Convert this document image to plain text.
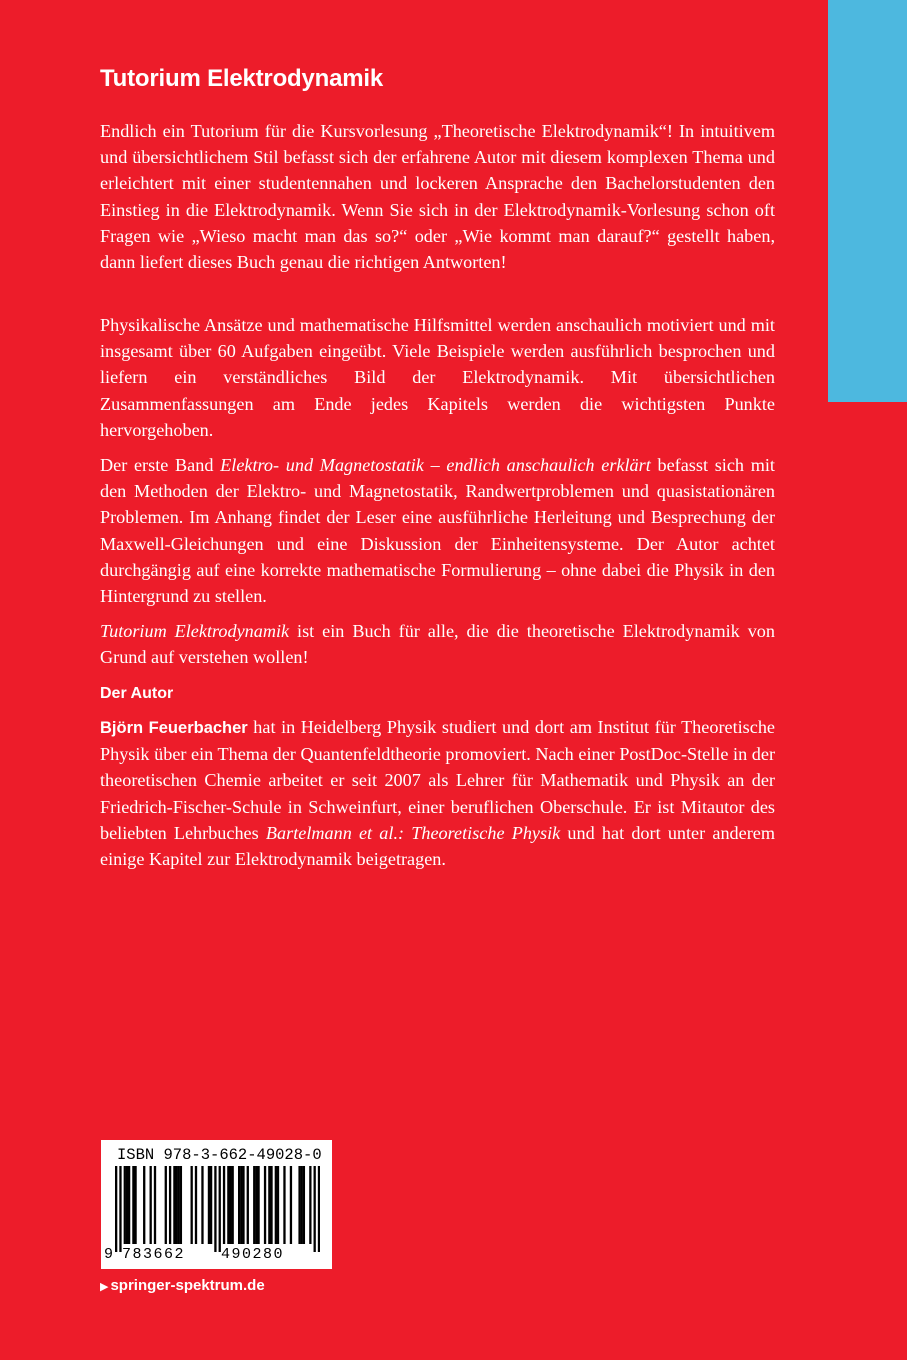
Tutorium Elektrodynamik

Endlich ein Tutorium für die Kursvorlesung „Theoretische Elektrodynamik“! In intuitivem und übersichtlichem Stil befasst sich der erfahrene Autor mit diesem komplexen Thema und erleichtert mit einer studentennahen und lockeren Ansprache den Bachelorstudenten den Einstieg in die Elektrodynamik. Wenn Sie sich in der Elektrodynamik-Vorlesung schon oft Fragen wie „Wieso macht man das so?“ oder „Wie kommt man darauf?“ gestellt haben, dann liefert dieses Buch genau die richtigen Antworten!

Physikalische Ansätze und mathematische Hilfsmittel werden anschaulich motiviert und mit insgesamt über 60 Aufgaben eingeübt. Viele Beispiele werden ausführlich besprochen und liefern ein verständliches Bild der Elektrodynamik. Mit übersichtlichen Zusammenfassungen am Ende jedes Kapitels werden die wichtigsten Punkte hervorgehoben.

Der erste Band Elektro- und Magnetostatik – endlich anschaulich erklärt befasst sich mit den Methoden der Elektro- und Magnetostatik, Randwertproblemen und quasistationären Problemen. Im Anhang findet der Leser eine ausführliche Herleitung und Besprechung der Maxwell-Gleichungen und eine Diskussion der Einheitensysteme. Der Autor achtet durchgängig auf eine korrekte mathematische Formulierung – ohne dabei die Physik in den Hintergrund zu stellen.

Tutorium Elektrodynamik ist ein Buch für alle, die die theoretische Elektrodynamik von Grund auf verstehen wollen!

Der Autor

Björn Feuerbacher hat in Heidelberg Physik studiert und dort am Institut für Theoretische Physik über ein Thema der Quantenfeldtheorie promoviert. Nach einer PostDoc-Stelle in der theoretischen Chemie arbeitet er seit 2007 als Lehrer für Mathematik und Physik an der Friedrich-Fischer-Schule in Schweinfurt, einer beruflichen Oberschule. Er ist Mitautor des beliebten Lehrbuches Bartelmann et al.: Theoretische Physik und hat dort unter anderem einige Kapitel zur Elektrodynamik beigetragen.

ISBN 978-3-662-49028-0
9 783662 490280
▶ springer-spektrum.de
